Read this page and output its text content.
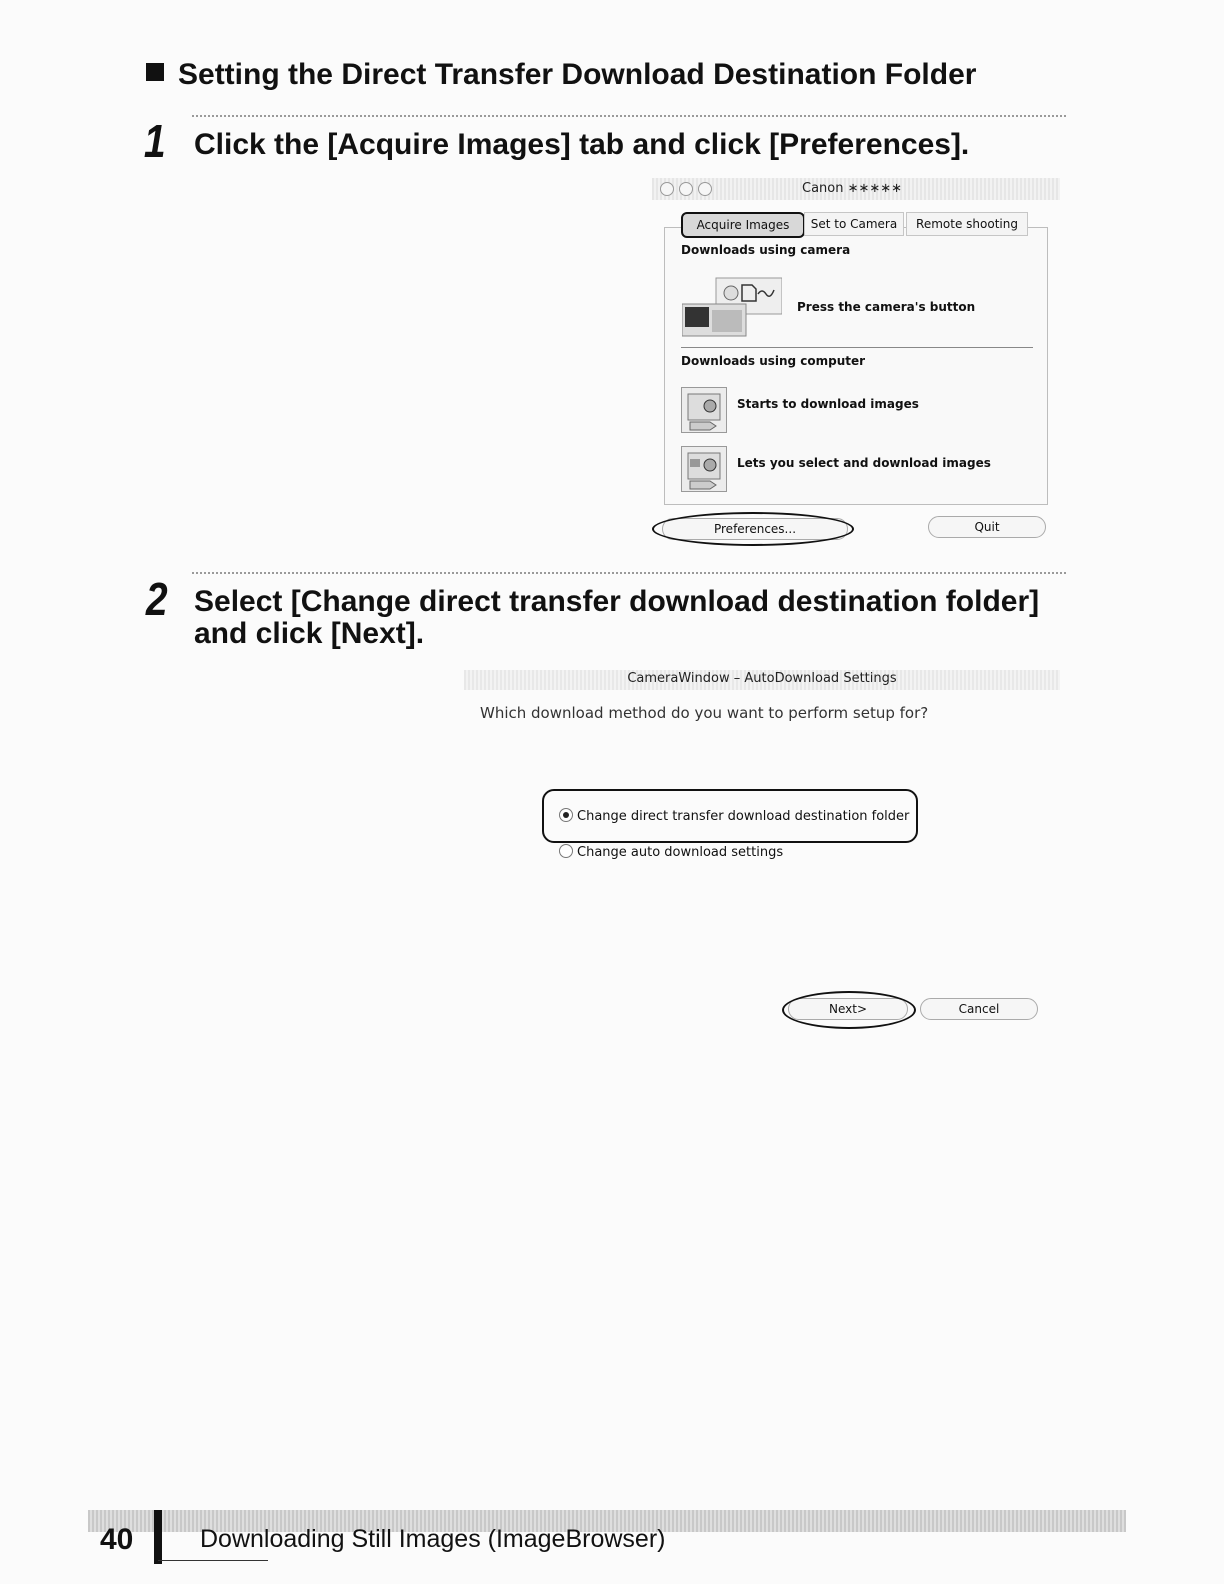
Setting the Direct Transfer Download Destination Folder
1 Click the [Acquire Images] tab and click [Preferences].
Canon ∗∗∗∗∗
Acquire Images	Set to Camera	Remote shooting
Downloads using camera
Press the camera's button
Downloads using computer
Starts to download images
Lets you select and download images
Preferences...	Quit
2 Select [Change direct transfer download destination folder]
and click [Next].
CameraWindow – AutoDownload Settings
Which download method do you want to perform setup for?
Change direct transfer download destination folder
Change auto download settings
Next>	Cancel
40	Downloading Still Images (ImageBrowser)
